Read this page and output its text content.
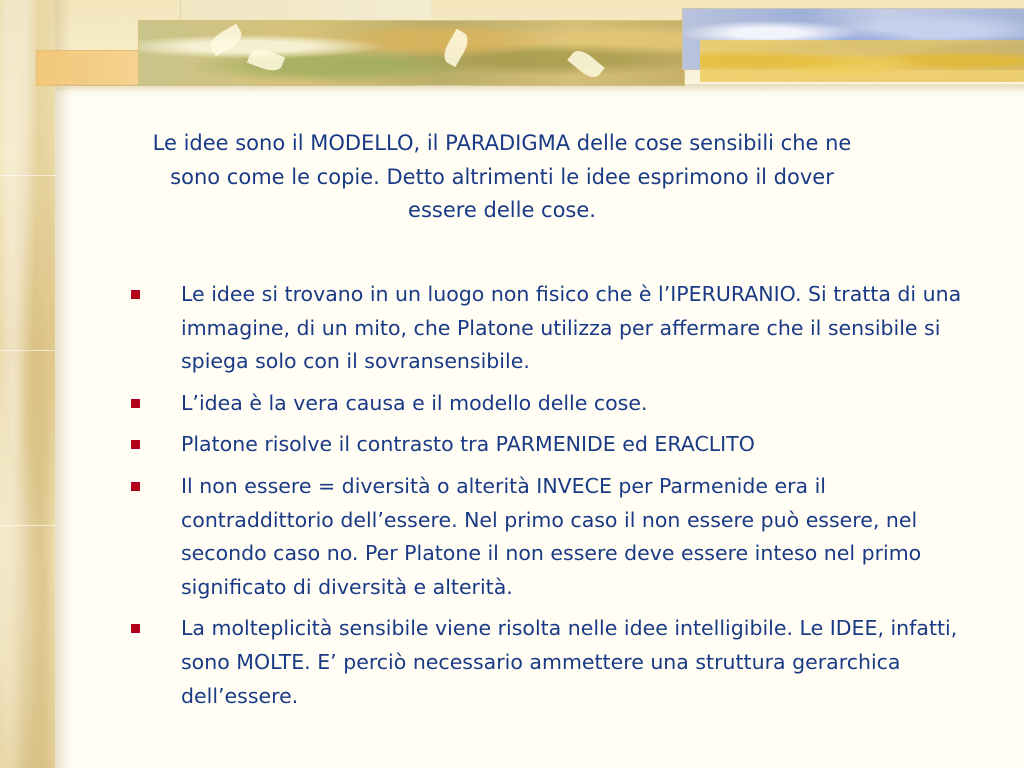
Le idee sono il MODELLO, il PARADIGMA delle cose sensibili che ne sono come le copie. Detto altrimenti le idee esprimono il dover essere delle cose.

Le idee si trovano in un luogo non fisico che è l’IPERURANIO. Si tratta di una immagine, di un mito, che Platone utilizza per affermare che il sensibile si spiega solo con il sovransensibile.
L’idea è la vera causa e il modello delle cose.
Platone risolve il contrasto tra PARMENIDE ed ERACLITO
Il non essere = diversità o alterità INVECE per Parmenide era il contraddittorio dell’essere. Nel primo caso il non essere può essere, nel secondo caso no. Per Platone il non essere deve essere inteso nel primo significato di diversità e alterità.
La molteplicità sensibile viene risolta nelle idee intelligibile. Le IDEE, infatti, sono MOLTE. E’ perciò necessario ammettere una struttura gerarchica dell’essere.
